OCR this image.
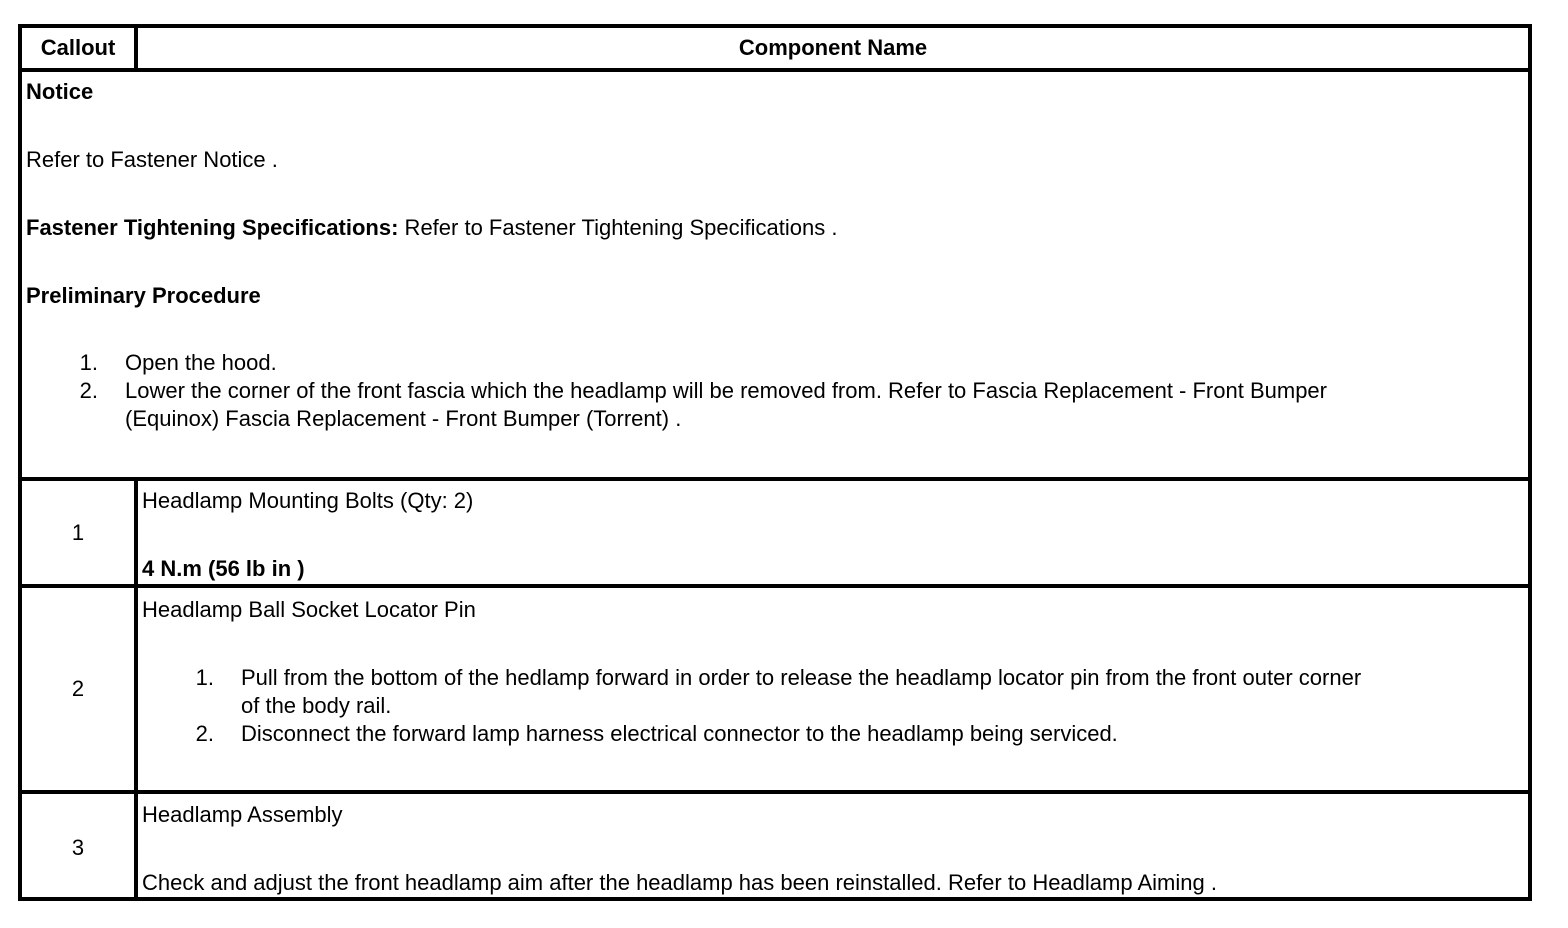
Callout	Component Name
Notice
Refer to Fastener Notice .
Fastener Tightening Specifications: Refer to Fastener Tightening Specifications .
Preliminary Procedure
1. Open the hood.
2. Lower the corner of the front fascia which the headlamp will be removed from. Refer to Fascia Replacement - Front Bumper
(Equinox) Fascia Replacement - Front Bumper (Torrent) .
1
Headlamp Mounting Bolts (Qty: 2)
4 N.m (56 lb in )
2
Headlamp Ball Socket Locator Pin
1. Pull from the bottom of the hedlamp forward in order to release the headlamp locator pin from the front outer corner
of the body rail.
2. Disconnect the forward lamp harness electrical connector to the headlamp being serviced.
3
Headlamp Assembly
Check and adjust the front headlamp aim after the headlamp has been reinstalled. Refer to Headlamp Aiming .
